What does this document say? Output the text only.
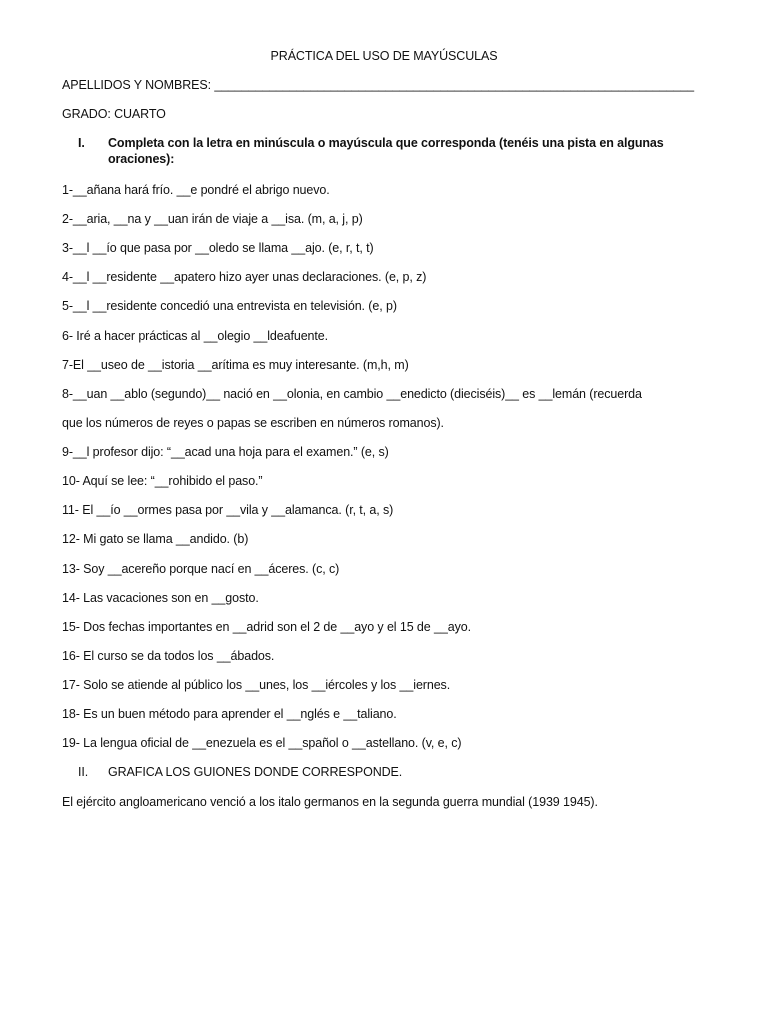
PRÁCTICA DEL USO DE MAYÚSCULAS
APELLIDOS Y NOMBRES: ______________________________________________________________________
GRADO: CUARTO
I. Completa con la letra en minúscula o mayúscula que corresponda (tenéis una pista en algunas
oraciones):
1-__añana hará frío. __e pondré el abrigo nuevo.
2-__aria, __na y __uan irán de viaje a __isa. (m, a, j, p)
3-__l __ío que pasa por __oledo se llama __ajo. (e, r, t, t)
4-__l __residente __apatero hizo ayer unas declaraciones. (e, p, z)
5-__l __residente concedió una entrevista en televisión. (e, p)
6- Iré a hacer prácticas al __olegio __ldeafuente.
7-El __useo de __istoria __arítima es muy interesante. (m,h, m)
8-__uan __ablo (segundo)__ nació en __olonia, en cambio __enedicto (dieciséis)__ es __lemán (recuerda
que los números de reyes o papas se escriben en números romanos).
9-__l profesor dijo: “__acad una hoja para el examen.” (e, s)
10- Aquí se lee: “__rohibido el paso.”
11- El __ío __ormes pasa por __vila y __alamanca. (r, t, a, s)
12- Mi gato se llama __andido. (b)
13- Soy __acereño porque nací en __áceres. (c, c)
14- Las vacaciones son en __gosto.
15- Dos fechas importantes en __adrid son el 2 de __ayo y el 15 de __ayo.
16- El curso se da todos los __ábados.
17- Solo se atiende al público los __unes, los __iércoles y los __iernes.
18- Es un buen método para aprender el __nglés e __taliano.
19- La lengua oficial de __enezuela es el __spañol o __astellano. (v, e, c)
II. GRAFICA LOS GUIONES DONDE CORRESPONDE.
El ejército angloamericano venció a los italo germanos en la segunda guerra mundial (1939 1945).
